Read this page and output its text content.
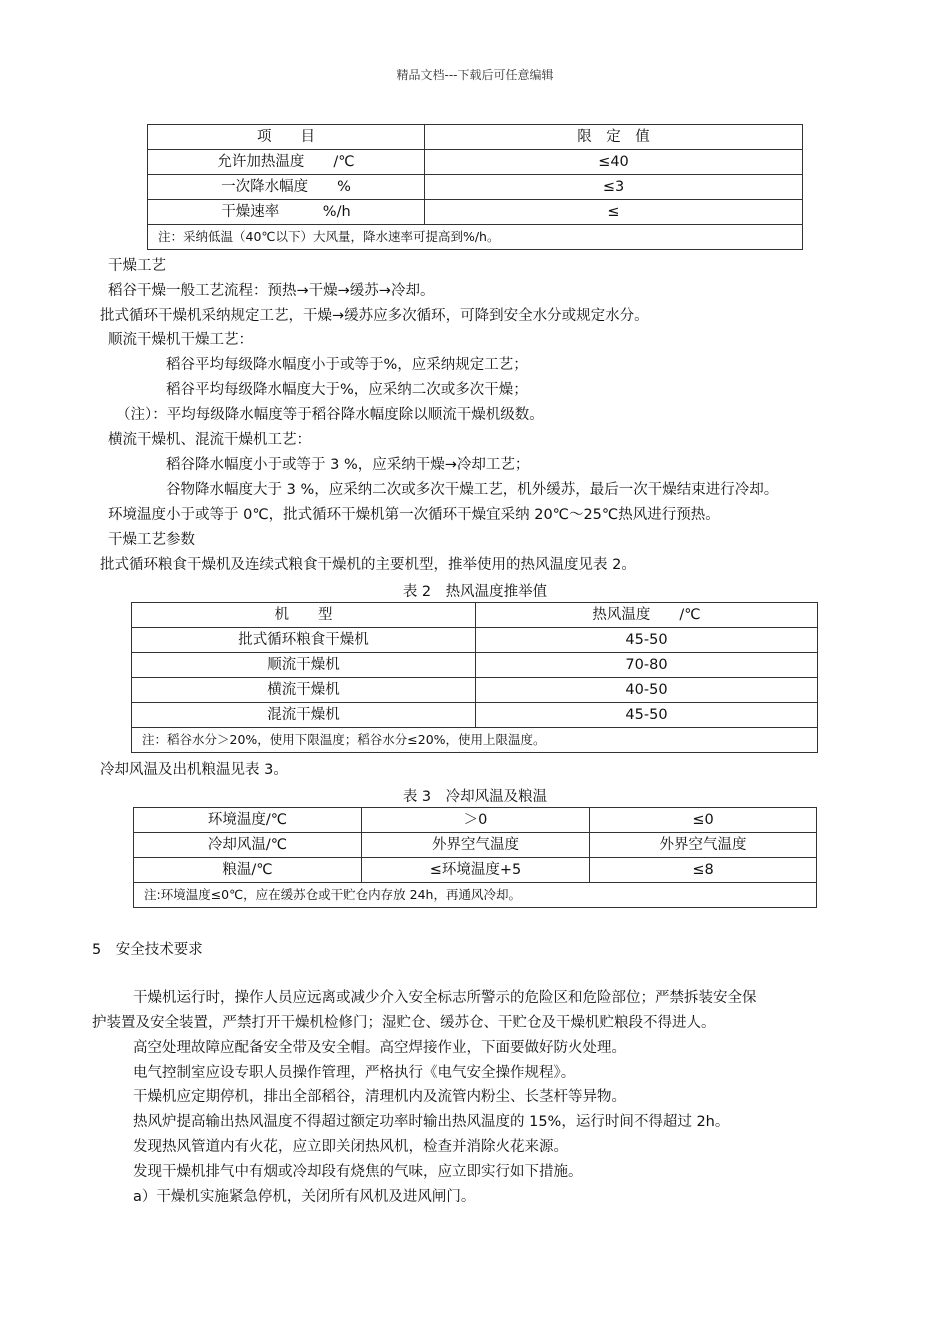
精品文档---下载后可任意编辑
项　　目	限　定　值
允许加热温度　　/℃	≤40
一次降水幅度　　%	≤3
干燥速率　　　%/h	≤
注：采纳低温（40℃以下）大风量，降水速率可提高到%/h。	
干燥工艺
稻谷干燥一般工艺流程：预热→干燥→缓苏→冷却。
批式循环干燥机采纳规定工艺，干燥→缓苏应多次循环，可降到安全水分或规定水分。
顺流干燥机干燥工艺：
稻谷平均每级降水幅度小于或等于%，应采纳规定工艺；
稻谷平均每级降水幅度大于%，应采纳二次或多次干燥；
（注）：平均每级降水幅度等于稻谷降水幅度除以顺流干燥机级数。
横流干燥机、混流干燥机工艺：
稻谷降水幅度小于或等于 3 %，应采纳干燥→冷却工艺；
谷物降水幅度大于 3 %，应采纳二次或多次干燥工艺，机外缓苏，最后一次干燥结束进行冷却。
环境温度小于或等于 0℃，批式循环干燥机第一次循环干燥宜采纳 20℃～25℃热风进行预热。
干燥工艺参数
批式循环粮食干燥机及连续式粮食干燥机的主要机型，推举使用的热风温度见表 2。
表 2　热风温度推举值
机　　型	热风温度　　/℃
批式循环粮食干燥机	45-50
顺流干燥机	70-80
横流干燥机	40-50
混流干燥机	45-50
注：稻谷水分＞20%，使用下限温度；稻谷水分≤20%，使用上限温度。	
冷却风温及出机粮温见表 3。
表 3　冷却风温及粮温
环境温度/℃	＞0	≤0
冷却风温/℃	外界空气温度	外界空气温度
粮温/℃	≤环境温度+5	≤8
注:环境温度≤0℃，应在缓苏仓或干贮仓内存放 24h，再通风冷却。		
5　安全技术要求
干燥机运行时，操作人员应远离或减少介入安全标志所警示的危险区和危险部位；严禁拆装安全保
护装置及安全装置，严禁打开干燥机检修门；湿贮仓、缓苏仓、干贮仓及干燥机贮粮段不得进人。
高空处理故障应配备安全带及安全帽。高空焊接作业，下面要做好防火处理。
电气控制室应设专职人员操作管理，严格执行《电气安全操作规程》。
干燥机应定期停机，排出全部稻谷，清理机内及流管内粉尘、长茎杆等异物。
热风炉提高输出热风温度不得超过额定功率时输出热风温度的 15%，运行时间不得超过 2h。
发现热风管道内有火花，应立即关闭热风机，检查并消除火花来源。
发现干燥机排气中有烟或冷却段有烧焦的气味，应立即实行如下措施。
a）干燥机实施紧急停机，关闭所有风机及进风闸门。
